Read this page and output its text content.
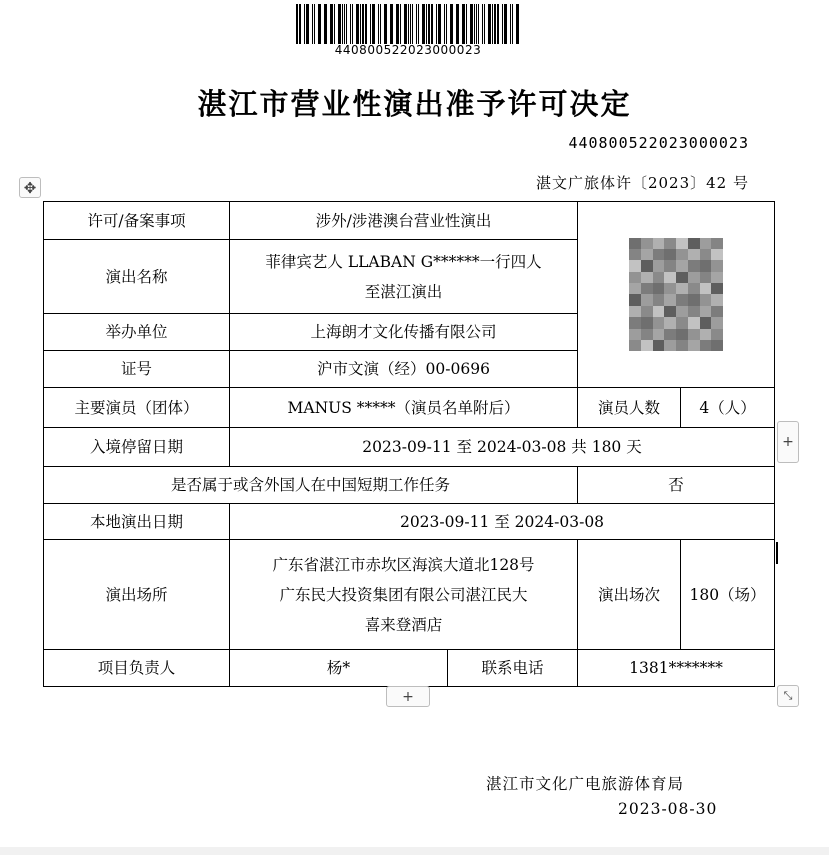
440800522023000023
湛江市营业性演出准予许可决定
440800522023000023
湛文广旅体许〔2023〕42 号
✥
许可/备案事项	涉外/涉港澳台营业性演出			

演出名称	菲律宾艺人 LLABAN G******一行四人
至湛江演出			

举办单位	上海朗才文化传播有限公司			
证号	沪市文演（经）00-0696			
主要演员（团体）	MANUS *****（演员名单附后）		演员人数	4（人）
入境停留日期	2023-09-11 至 2024-03-08 共 180 天			
是否属于或含外国人在中国短期工作任务			否	
本地演出日期	2023-09-11 至 2024-03-08			
演出场所	广东省湛江市赤坎区海滨大道北128号
广东民大投资集团有限公司湛江民大
喜来登酒店		演出场次	180（场）
项目负责人	杨*	联系电话	1381*******	
+
+	⤡
湛江市文化广电旅游体育局
2023-08-30
